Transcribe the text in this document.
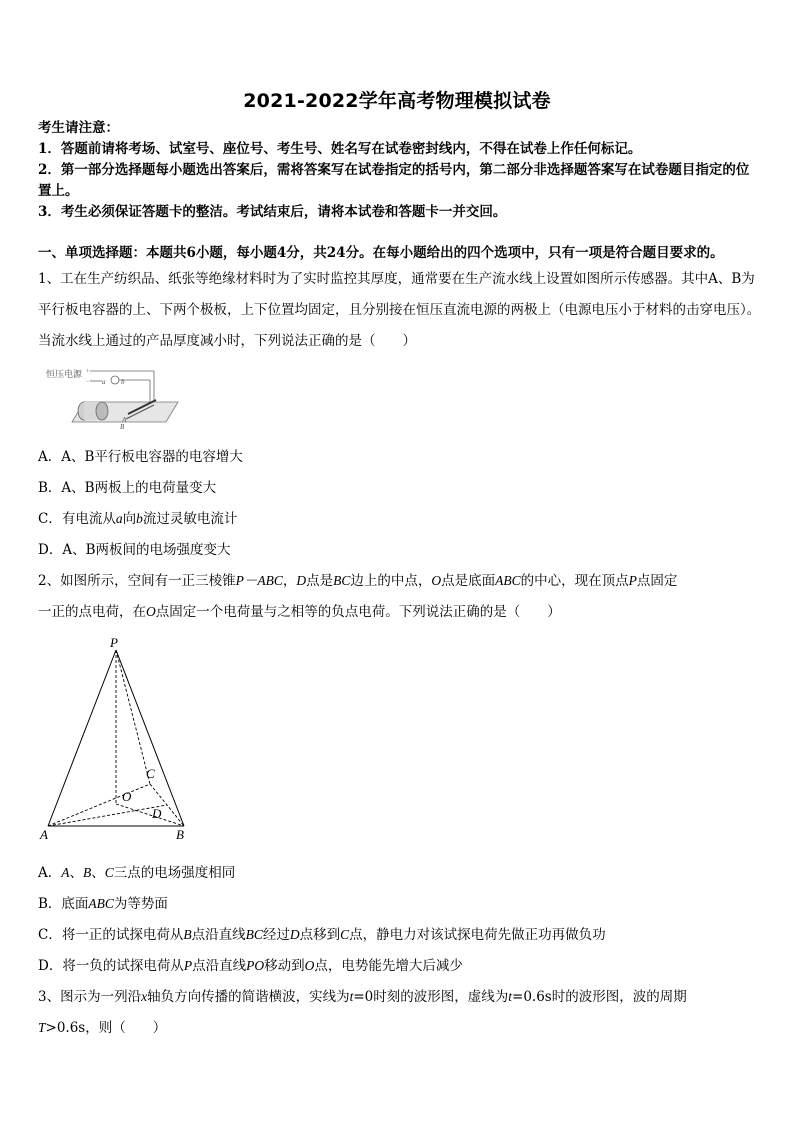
2021-2022学年高考物理模拟试卷
考生请注意：
1．答题前请将考场、试室号、座位号、考生号、姓名写在试卷密封线内，不得在试卷上作任何标记。
2．第一部分选择题每小题选出答案后，需将答案写在试卷指定的括号内，第二部分非选择题答案写在试卷题目指定的位置上。
3．考生必须保证答题卡的整洁。考试结束后，请将本试卷和答题卡一并交回。
一、单项选择题：本题共6小题，每小题4分，共24分。在每小题给出的四个选项中，只有一项是符合题目要求的。
1、工在生产纺织品、纸张等绝缘材料时为了实时监控其厚度，通常要在生产流水线上设置如图所示传感器。其中A、B为平行板电容器的上、下两个极板，上下位置均固定，且分别接在恒压直流电源的两极上（电源电压小于材料的击穿电压）。当流水线上通过的产品厚度减小时，下列说法正确的是（　　）
恒压电源 +
− a b
A
B
A．A、B平行板电容器的电容增大
B．A、B两板上的电荷量变大
C．有电流从a向b流过灵敏电流计
D．A、B两板间的电场强度变大
2、如图所示，空间有一正三棱锥P－ABC，D点是BC边上的中点，O点是底面ABC的中心，现在顶点P点固定
一正的点电荷，在O点固定一个电荷量与之相等的负点电荷。下列说法正确的是（　　）
P
A	B
C
O
D
A．A、B、C三点的电场强度相同
B．底面ABC为等势面
C．将一正的试探电荷从B点沿直线BC经过D点移到C点，静电力对该试探电荷先做正功再做负功
D．将一负的试探电荷从P点沿直线PO移动到O点，电势能先增大后减少
3、图示为一列沿x轴负方向传播的简谐横波，实线为t=0时刻的波形图，虚线为t=0.6s时的波形图，波的周期
T>0.6s，则（　　）
